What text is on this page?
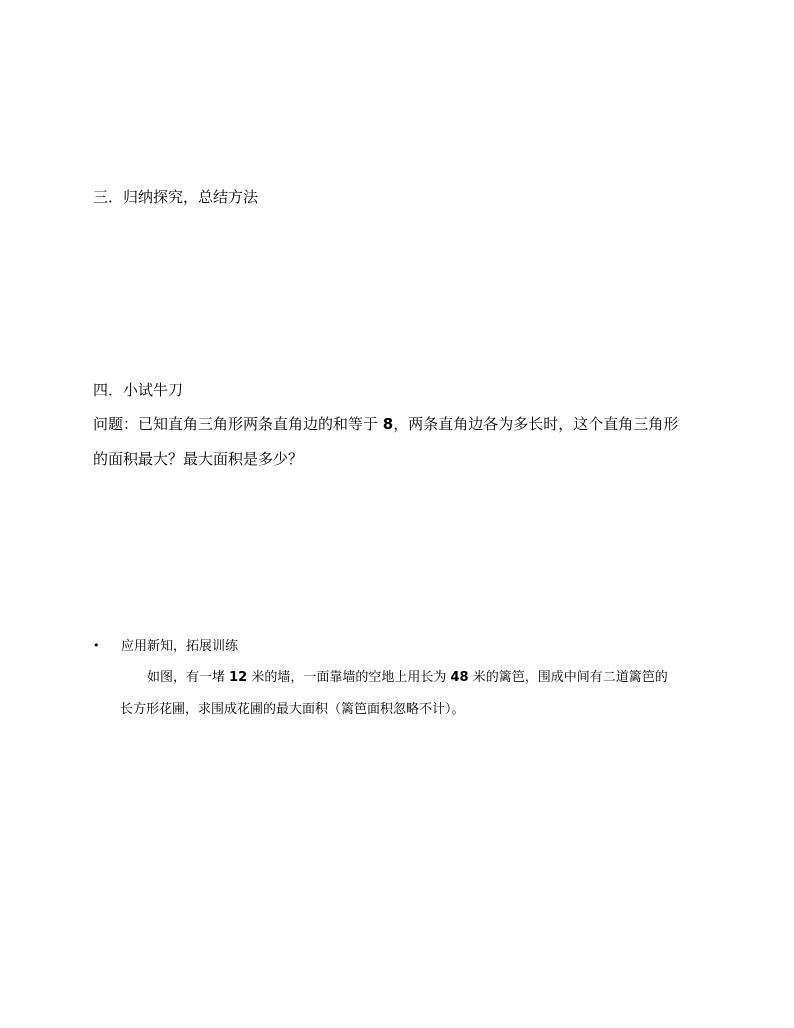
三．归纳探究，总结方法
四．小试牛刀
问题：已知直角三角形两条直角边的和等于 8，两条直角边各为多长时，这个直角三角形
的面积最大？最大面积是多少？
• 应用新知，拓展训练
如图，有一堵 12 米的墙，一面靠墙的空地上用长为 48 米的篱笆，围成中间有二道篱笆的
长方形花圃，求围成花圃的最大面积（篱笆面积忽略不计）。
